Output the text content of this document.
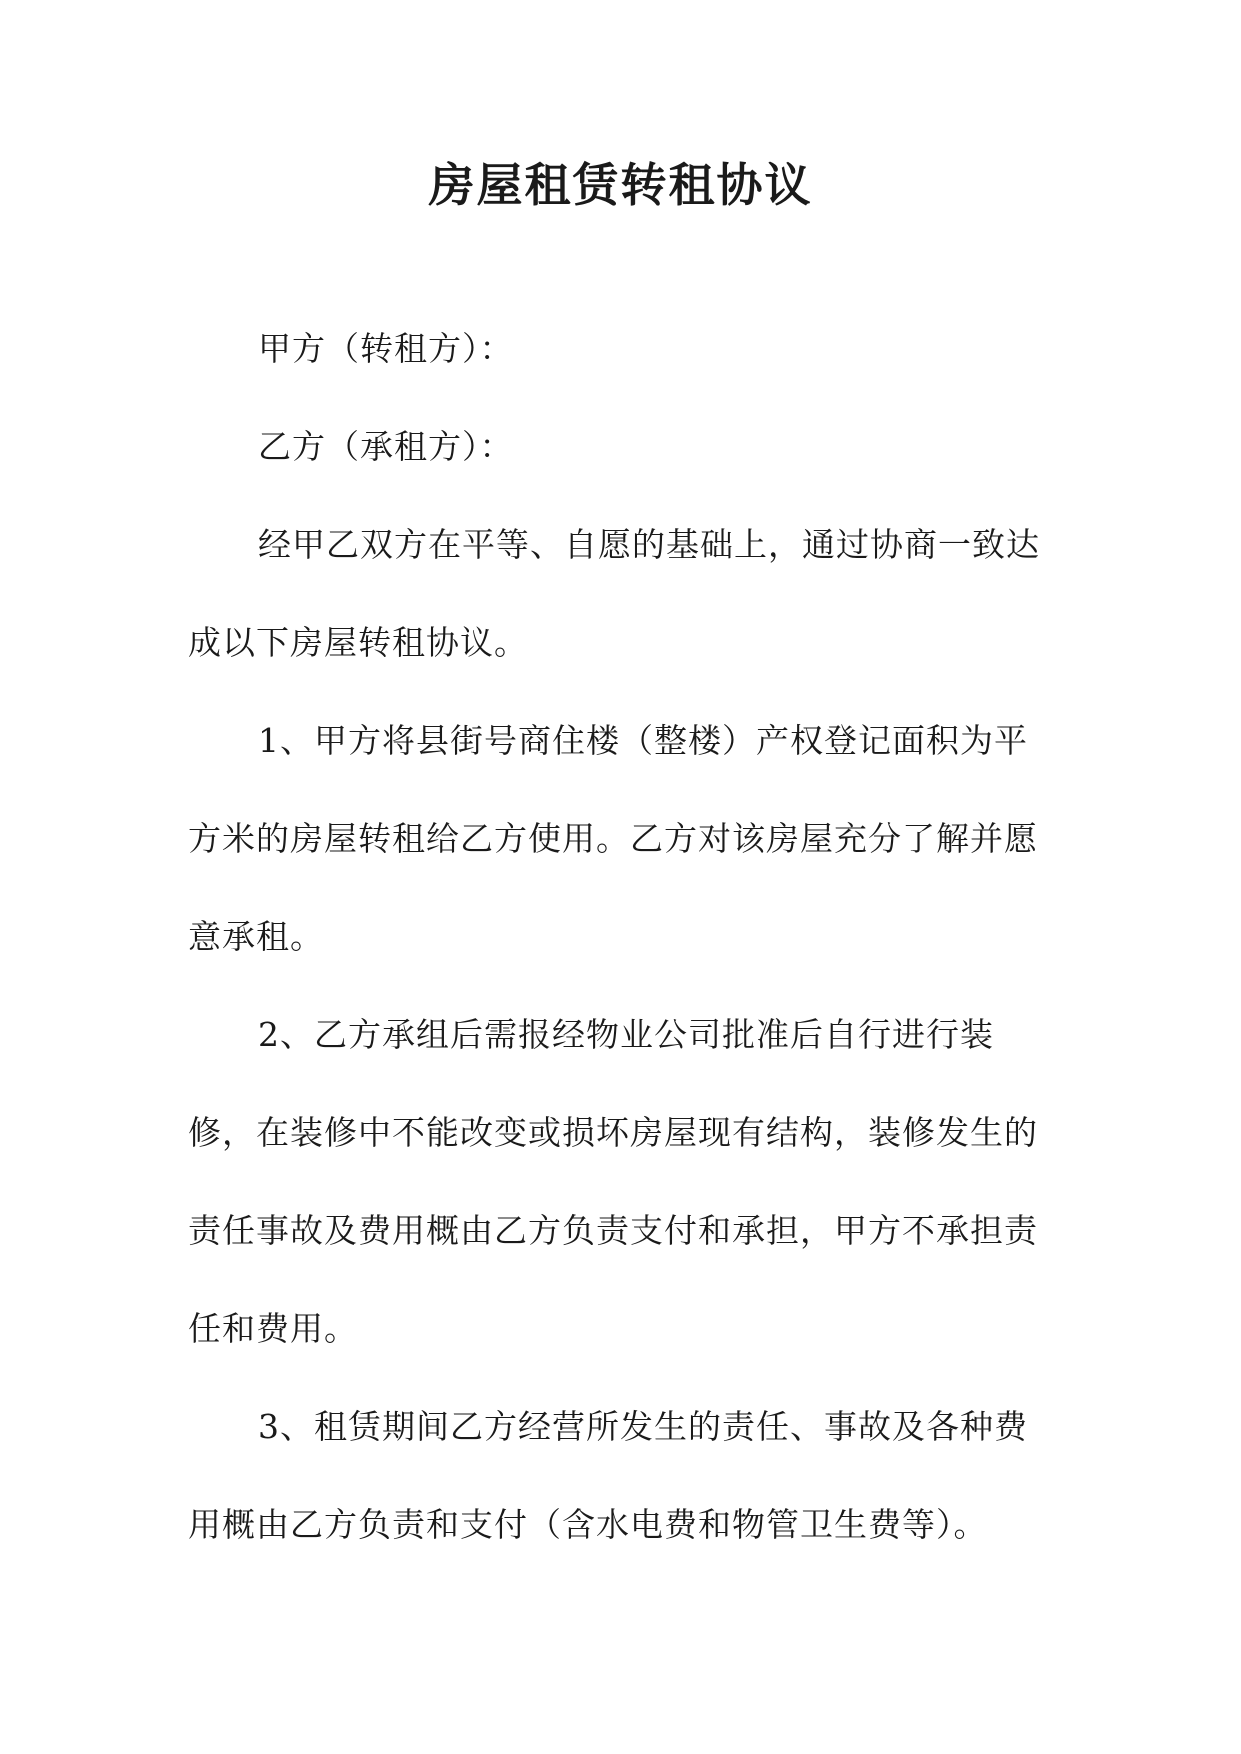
房屋租赁转租协议

甲方（转租方）：

乙方（承租方）：

经甲乙双方在平等、自愿的基础上，通过协商一致达成以下房屋转租协议。

1、甲方将县街号商住楼（整楼）产权登记面积为平方米的房屋转租给乙方使用。乙方对该房屋充分了解并愿意承租。

2、乙方承组后需报经物业公司批准后自行进行装修，在装修中不能改变或损坏房屋现有结构，装修发生的责任事故及费用概由乙方负责支付和承担，甲方不承担责任和费用。

3、租赁期间乙方经营所发生的责任、事故及各种费用概由乙方负责和支付（含水电费和物管卫生费等）。
